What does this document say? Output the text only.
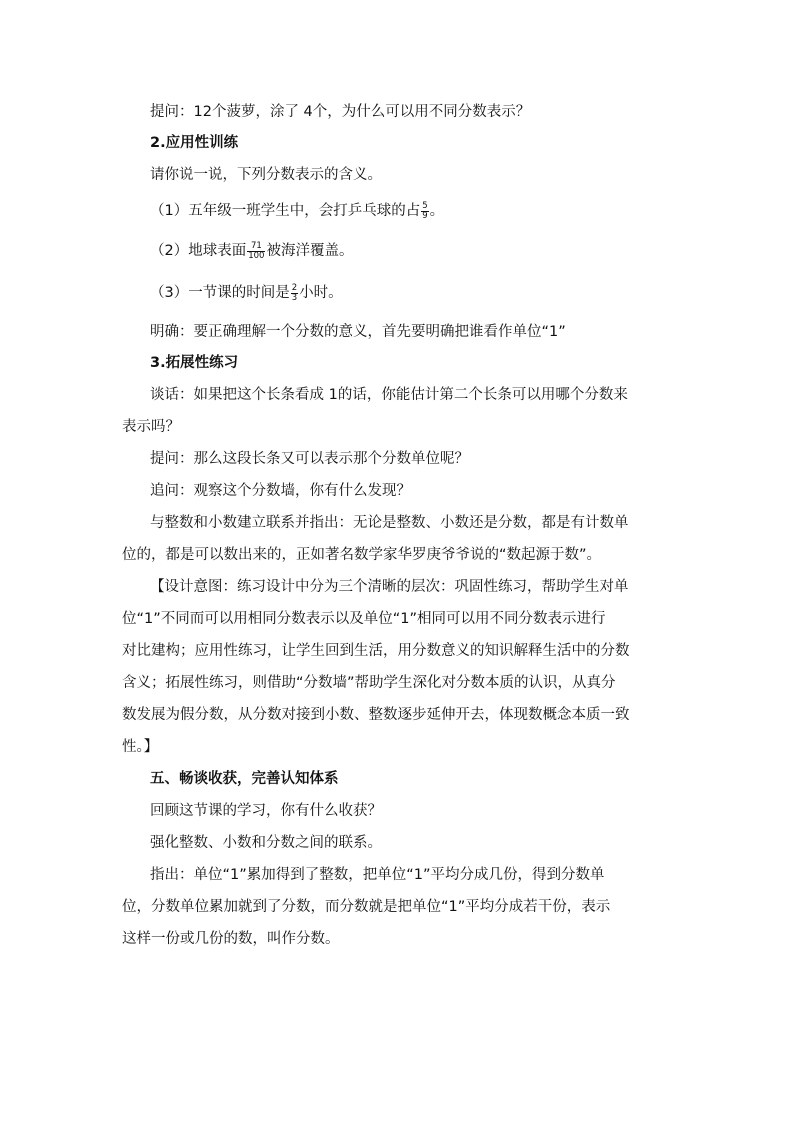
提问：12个菠萝，涂了 4个，为什么可以用不同分数表示？
2.应用性训练
请你说一说，下列分数表示的含义。
（1）五年级一班学生中，会打乒乓球的占 $\frac{5}{9}$ 。
（2）地球表面 $\frac{71}{100}$ 被海洋覆盖。
（3）一节课的时间是 $\frac{2}{3}$ 小时。
明确：要正确理解一个分数的意义，首先要明确把谁看作单位“1”
3.拓展性练习
谈话：如果把这个长条看成 1的话，你能估计第二个长条可以用哪个分数来
表示吗？
提问：那么这段长条又可以表示那个分数单位呢？
追问：观察这个分数墙，你有什么发现？
与整数和小数建立联系并指出：无论是整数、小数还是分数，都是有计数单
位的，都是可以数出来的，正如著名数学家华罗庚爷爷说的“数起源于数”。
【设计意图：练习设计中分为三个清晰的层次：巩固性练习，帮助学生对单
位“1”不同而可以用相同分数表示以及单位“1”相同可以用不同分数表示进行
对比建构；应用性练习，让学生回到生活，用分数意义的知识解释生活中的分数
含义；拓展性练习，则借助“分数墙”帮助学生深化对分数本质的认识，从真分
数发展为假分数，从分数对接到小数、整数逐步延伸开去，体现数概念本质一致
性。】
五、畅谈收获，完善认知体系
回顾这节课的学习，你有什么收获？
强化整数、小数和分数之间的联系。
指出：单位“1”累加得到了整数，把单位“1”平均分成几份，得到分数单
位，分数单位累加就到了分数，而分数就是把单位“1”平均分成若干份，表示
这样一份或几份的数，叫作分数。
